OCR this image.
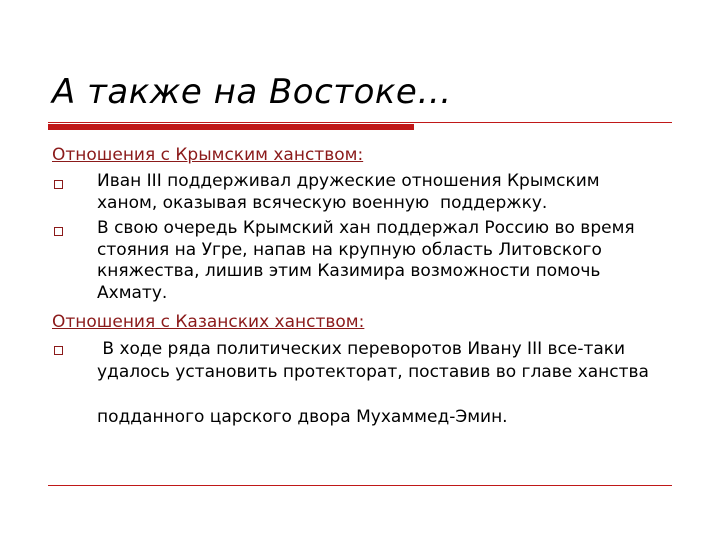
А также на Востоке…
Отношения с Крымским ханством:
Иван III поддерживал дружеские отношения Крымским
ханом, оказывая всяческую военную  поддержку.
В свою очередь Крымский хан поддержал Россию во время
стояния на Угре, напав на крупную область Литовского
княжества, лишив этим Казимира возможности помочь
Ахмату.
Отношения с Казанских ханством:
В ходе ряда политических переворотов Ивану III все-таки
удалось установить протекторат, поставив во главе ханства

подданного царского двора Мухаммед-Эмин.
